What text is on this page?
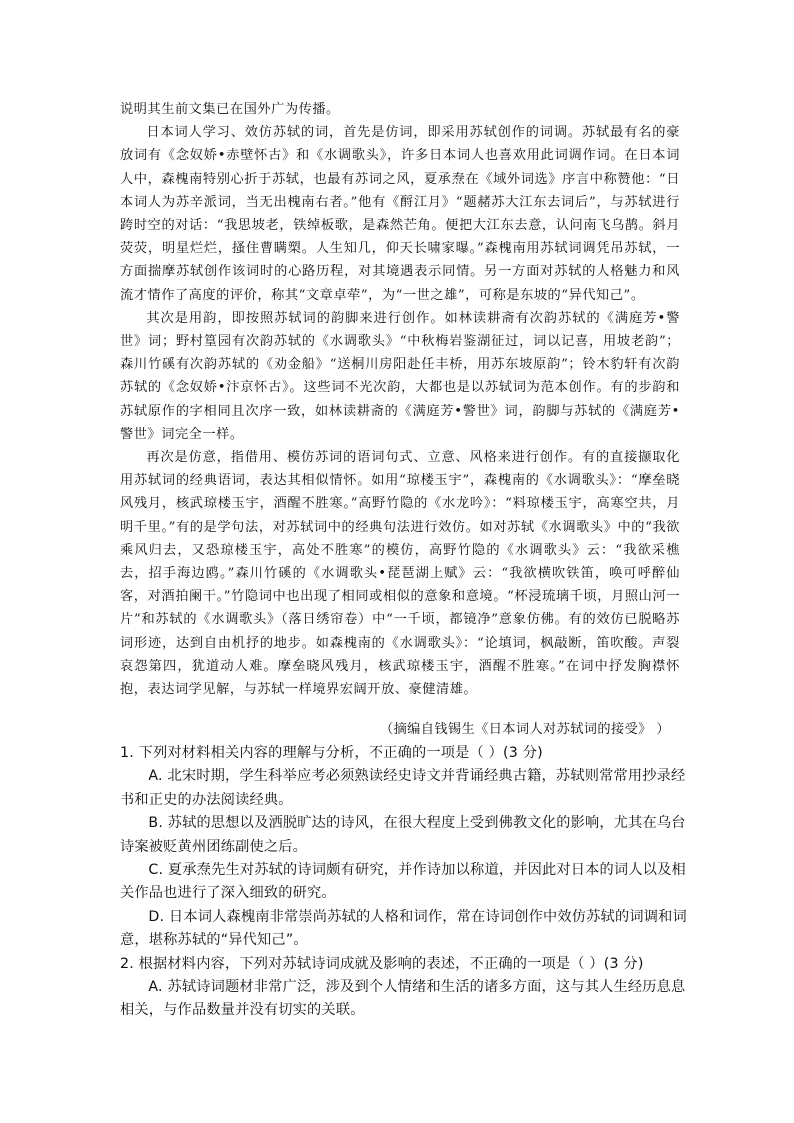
说明其生前文集已在国外广为传播。

日本词人学习、效仿苏轼的词，首先是仿词，即采用苏轼创作的词调。苏轼最有名的豪放词有《念奴娇•赤壁怀古》和《水调歌头》，许多日本词人也喜欢用此词调作词。在日本词人中，森槐南特别心折于苏轼，也最有苏词之风，夏承焘在《域外词选》序言中称赞他：“日本词人为苏辛派词，当无出槐南右者。”他有《酹江月》“题赭苏大江东去词后”，与苏轼进行跨时空的对话：“我思坡老，铁绰板歌，是森然芒角。便把大江东去意，认问南飞乌鹊。斜月荧荧，明星烂烂，搔住曹瞒槊。人生知几，仰天长啸家曝。”森槐南用苏轼词调凭吊苏轼，一方面揣摩苏轼创作该词时的心路历程，对其境遇表示同情。另一方面对苏轼的人格魅力和风流才情作了高度的评价，称其“文章卓荦”，为“一世之雄”，可称是东坡的“异代知己”。

其次是用韵，即按照苏轼词的韵脚来进行创作。如林读耕斋有次韵苏轼的《满庭芳•警世》词；野村篁园有次韵苏轼的《水调歌头》“中秋梅岩鉴湖征过，词以记喜，用坡老韵”；森川竹磎有次韵苏轼的《劝金船》“送桐川房阳赴任丰桥，用苏东坡原韵”；铃木豹轩有次韵苏轼的《念奴娇•汴京怀古》。这些词不光次韵，大都也是以苏轼词为范本创作。有的步韵和苏轼原作的字相同且次序一致，如林读耕斋的《满庭芳•警世》词，韵脚与苏轼的《满庭芳•警世》词完全一样。

再次是仿意，指借用、模仿苏词的语词句式、立意、风格来进行创作。有的直接撷取化用苏轼词的经典语词，表达其相似情怀。如用“琼楼玉宇”，森槐南的《水调歌头》：“摩垒晓风残月，核武琼楼玉宇，酒醒不胜寒。”高野竹隐的《水龙吟》：“料琼楼玉宇，高寒空共，月明千里。”有的是学句法，对苏轼词中的经典句法进行效仿。如对苏轼《水调歌头》中的“我欲乘风归去，又恐琼楼玉宇，高处不胜寒”的模仿，高野竹隐的《水调歌头》云：“我欲采樵去，招手海边鸥。”森川竹磎的《水调歌头•琵琶湖上赋》云：“我欲横吹铁笛，唤可呼醉仙客，对酒拍阑干。”竹隐词中也出现了相同或相似的意象和意境。“杯浸琉璃千顷，月照山河一片”和苏轼的《水调歌头》（落日绣帘卷）中“一千顷，都镜净”意象仿佛。有的效仿已脱略苏词形迹，达到自由机抒的地步。如森槐南的《水调歌头》：“论填词，枫敲断，笛吹酸。声裂哀怨第四，犹道动人难。摩垒晓风残月，核武琼楼玉宇，酒醒不胜寒。”在词中抒发胸襟怀抱，表达词学见解，与苏轼一样境界宏阔开放、豪健清雄。

（摘编自钱锡生《日本词人对苏轼词的接受》 ）

1. 下列对材料相关内容的理解与分析，不正确的一项是（ ）(3 分)

A. 北宋时期，学生科举应考必须熟读经史诗文并背诵经典古籍，苏轼则常常用抄录经书和正史的办法阅读经典。

B. 苏轼的思想以及洒脱旷达的诗风，在很大程度上受到佛教文化的影响，尤其在乌台诗案被贬黄州团练副使之后。

C. 夏承焘先生对苏轼的诗词颇有研究，并作诗加以称道，并因此对日本的词人以及相关作品也进行了深入细致的研究。

D. 日本词人森槐南非常崇尚苏轼的人格和词作，常在诗词创作中效仿苏轼的词调和词意，堪称苏轼的“异代知己”。

2. 根据材料内容，下列对苏轼诗词成就及影响的表述，不正确的一项是（ ）(3 分)

A. 苏轼诗词题材非常广泛，涉及到个人情绪和生活的诸多方面，这与其人生经历息息相关，与作品数量并没有切实的关联。
